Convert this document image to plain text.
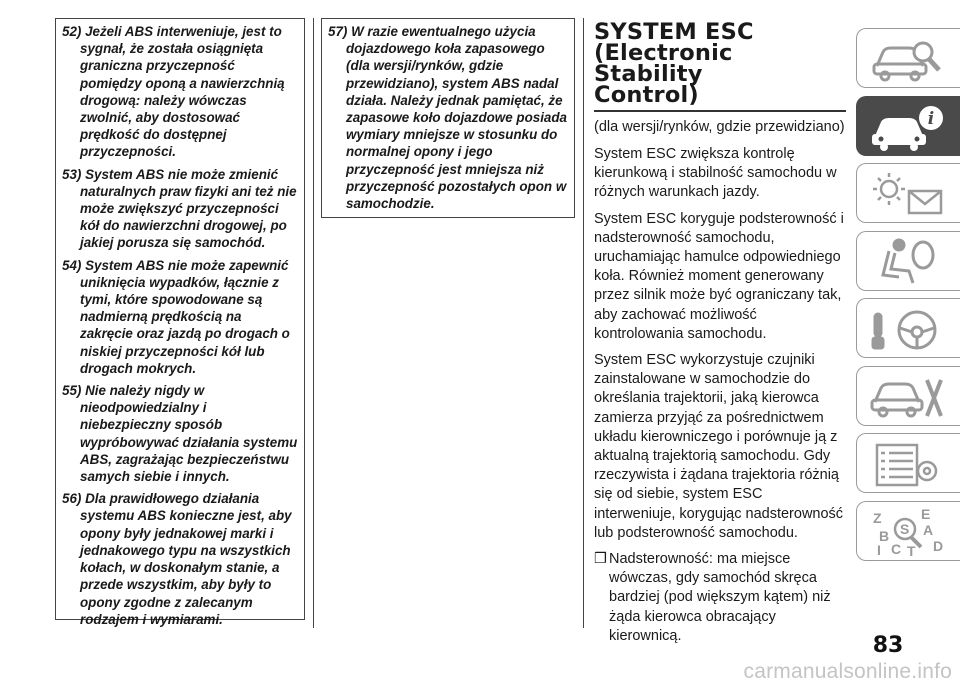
52) Jeżeli ABS interweniuje, jest to sygnał, że została osiągnięta graniczna przyczepność pomiędzy oponą a nawierzchnią drogową: należy wówczas zwolnić, aby dostosować prędkość do dostępnej przyczepności.

53) System ABS nie może zmienić naturalnych praw fizyki ani też nie może zwiększyć przyczepności kół do nawierzchni drogowej, po jakiej porusza się samochód.

54) System ABS nie może zapewnić uniknięcia wypadków, łącznie z tymi, które spowodowane są nadmierną prędkością na zakręcie oraz jazdą po drogach o niskiej przyczepności kół lub drogach mokrych.

55) Nie należy nigdy w nieodpowiedzialny i niebezpieczny sposób wypróbowywać działania systemu ABS, zagrażając bezpieczeństwu samych siebie i innych.

56) Dla prawidłowego działania systemu ABS konieczne jest, aby opony były jednakowej marki i jednakowego typu na wszystkich kołach, w doskonałym stanie, a przede wszystkim, aby były to opony zgodne z zalecanym rodzajem i wymiarami.

57) W razie ewentualnego użycia dojazdowego koła zapasowego (dla wersji/rynków, gdzie przewidziano), system ABS nadal działa. Należy jednak pamiętać, że zapasowe koło dojazdowe posiada wymiary mniejsze w stosunku do normalnej opony i jego przyczepność jest mniejsza niż przyczepność pozostałych opon w samochodzie.

SYSTEM ESC
(Electronic Stability
Control)

(dla wersji/rynków, gdzie przewidziano)

System ESC zwiększa kontrolę kierunkową i stabilność samochodu w różnych warunkach jazdy.

System ESC koryguje podsterowność i nadsterowność samochodu, uruchamiając hamulce odpowiedniego koła. Również moment generowany przez silnik może być ograniczany tak, aby zachować możliwość kontrolowania samochodu.

System ESC wykorzystuje czujniki zainstalowane w samochodzie do określania trajektorii, jaką kierowca zamierza przyjąć za pośrednictwem układu kierowniczego i porównuje ją z aktualną trajektorią samochodu. Gdy rzeczywista i żądana trajektoria różnią się od siebie, system ESC interweniuje, korygując nadsterowność lub podsterowność samochodu.

❒ Nadsterowność: ma miejsce wówczas, gdy samochód skręca bardziej (pod większym kątem) niż żąda kierowca obracający kierownicą.
i
Z	E
S
B A
C T D
I
83
carmanualsonline.info
